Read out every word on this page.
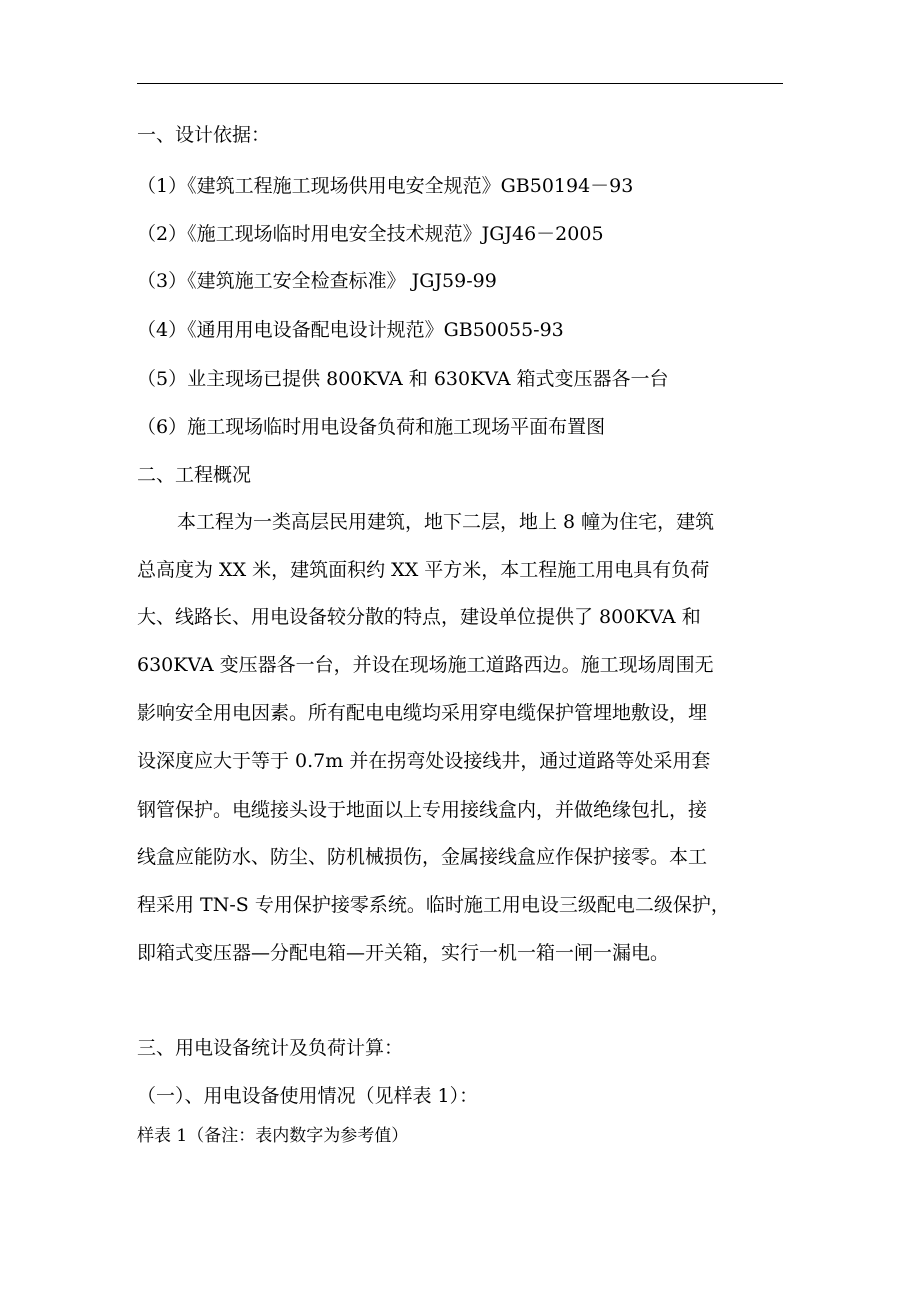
一、设计依据：
（1）《建筑工程施工现场供用电安全规范》GB50194－93
（2）《施工现场临时用电安全技术规范》JGJ46－2005
（3）《建筑施工安全检查标准》 JGJ59-99
（4）《通用用电设备配电设计规范》GB50055-93
（5）业主现场已提供 800KVA 和 630KVA 箱式变压器各一台
（6）施工现场临时用电设备负荷和施工现场平面布置图
二、工程概况
本工程为一类高层民用建筑，地下二层，地上 8 幢为住宅，建筑
总高度为 XX 米，建筑面积约 XX 平方米，本工程施工用电具有负荷
大、线路长、用电设备较分散的特点，建设单位提供了 800KVA 和
630KVA 变压器各一台，并设在现场施工道路西边。施工现场周围无
影响安全用电因素。所有配电电缆均采用穿电缆保护管埋地敷设，埋
设深度应大于等于 0.7m 并在拐弯处设接线井，通过道路等处采用套
钢管保护。电缆接头设于地面以上专用接线盒内，并做绝缘包扎，接
线盒应能防水、防尘、防机械损伤，金属接线盒应作保护接零。本工
程采用 TN-S 专用保护接零系统。临时施工用电设三级配电二级保护，
即箱式变压器—分配电箱—开关箱，实行一机一箱一闸一漏电。
三、用电设备统计及负荷计算：
（一）、用电设备使用情况（见样表 1）：
样表 1（备注：表内数字为参考值）
